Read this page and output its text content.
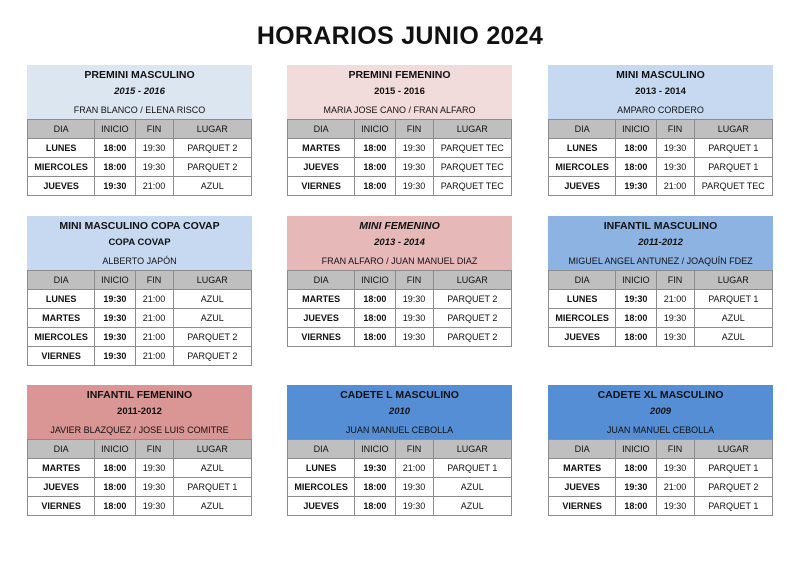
HORARIOS JUNIO 2024
PREMINI MASCULINO
2015 - 2016
FRAN BLANCO / ELENA RISCO
DIA	INICIO	FIN	LUGAR
LUNES	18:00	19:30	PARQUET 2
MIERCOLES	18:00	19:30	PARQUET 2
JUEVES	19:30	21:00	AZUL
PREMINI FEMENINO
2015 - 2016
MARIA JOSE CANO / FRAN ALFARO
DIA	INICIO	FIN	LUGAR
MARTES	18:00	19:30	PARQUET TEC
JUEVES	18:00	19:30	PARQUET TEC
VIERNES	18:00	19:30	PARQUET TEC
MINI MASCULINO
2013 - 2014
AMPARO CORDERO
DIA	INICIO	FIN	LUGAR
LUNES	18:00	19:30	PARQUET 1
MIERCOLES	18:00	19:30	PARQUET 1
JUEVES	19:30	21:00	PARQUET TEC
MINI MASCULINO COPA COVAP
COPA COVAP
ALBERTO JAPÓN
DIA	INICIO	FIN	LUGAR
LUNES	19:30	21:00	AZUL
MARTES	19:30	21:00	AZUL
MIERCOLES	19:30	21:00	PARQUET 2
VIERNES	19:30	21:00	PARQUET 2
MINI FEMENINO
2013 - 2014
FRAN ALFARO / JUAN MANUEL DIAZ
DIA	INICIO	FIN	LUGAR
MARTES	18:00	19:30	PARQUET 2
JUEVES	18:00	19:30	PARQUET 2
VIERNES	18:00	19:30	PARQUET 2
INFANTIL MASCULINO
2011-2012
MIGUEL ANGEL ANTUNEZ / JOAQUÍN FDEZ
DIA	INICIO	FIN	LUGAR
LUNES	19:30	21:00	PARQUET 1
MIERCOLES	18:00	19:30	AZUL
JUEVES	18:00	19:30	AZUL
INFANTIL FEMENINO
2011-2012
JAVIER BLAZQUEZ / JOSE LUIS COMITRE
DIA	INICIO	FIN	LUGAR
MARTES	18:00	19:30	AZUL
JUEVES	18:00	19:30	PARQUET 1
VIERNES	18:00	19:30	AZUL
CADETE L MASCULINO
2010
JUAN MANUEL CEBOLLA
DIA	INICIO	FIN	LUGAR
LUNES	19:30	21:00	PARQUET 1
MIERCOLES	18:00	19:30	AZUL
JUEVES	18:00	19:30	AZUL
CADETE XL MASCULINO
2009
JUAN MANUEL CEBOLLA
DIA	INICIO	FIN	LUGAR
MARTES	18:00	19:30	PARQUET 1
JUEVES	19:30	21:00	PARQUET 2
VIERNES	18:00	19:30	PARQUET 1
